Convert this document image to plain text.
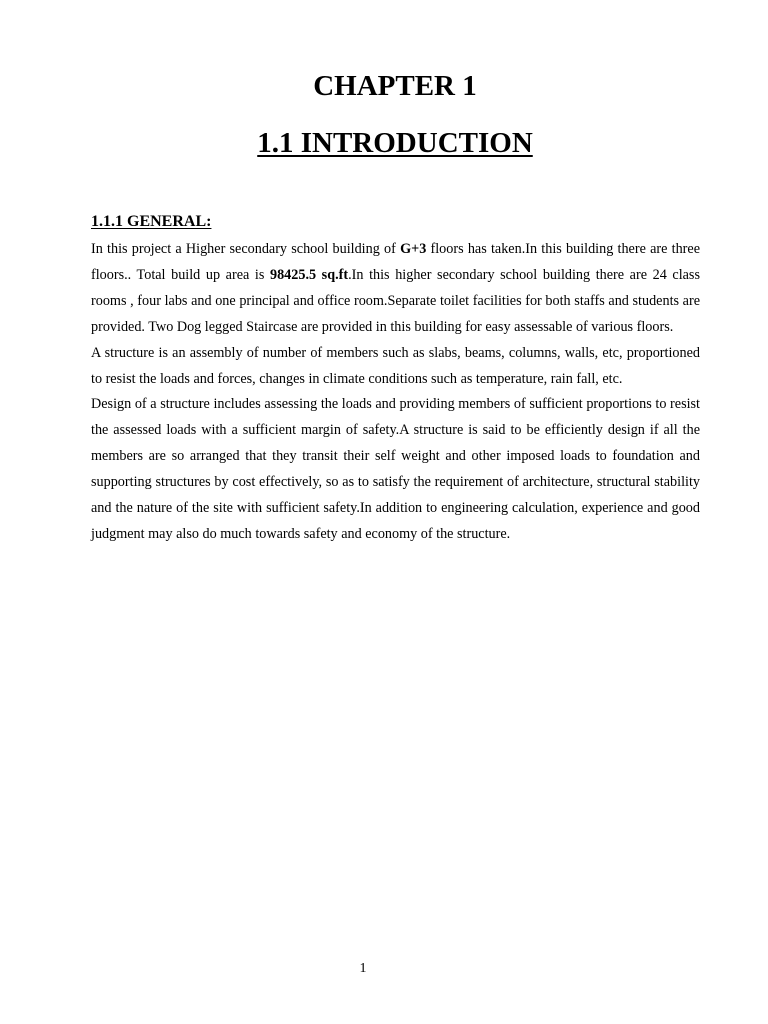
CHAPTER 1
1.1 INTRODUCTION
1.1.1 GENERAL:

In this project a Higher secondary school building of G+3 floors has taken.In this building there are three floors.. Total build up area is 98425.5 sq.ft.In this higher secondary school building there are 24 class rooms , four labs and one principal and office room.Separate toilet facilities for both staffs and students are provided. Two Dog legged Staircase are provided in this building for easy assessable of various floors.

A structure is an assembly of number of members such as slabs, beams, columns, walls, etc, proportioned to resist the loads and forces, changes in climate conditions such as temperature, rain fall, etc.

Design of a structure includes assessing the loads and providing members of sufficient proportions to resist the assessed loads with a sufficient margin of safety.A structure is said to be efficiently design if all the members are so arranged that they transit their self weight and other imposed loads to foundation and supporting structures by cost effectively, so as to satisfy the requirement of architecture, structural stability and the nature of the site with sufficient safety.In addition to engineering calculation, experience and good judgment may also do much towards safety and economy of the structure.

1
